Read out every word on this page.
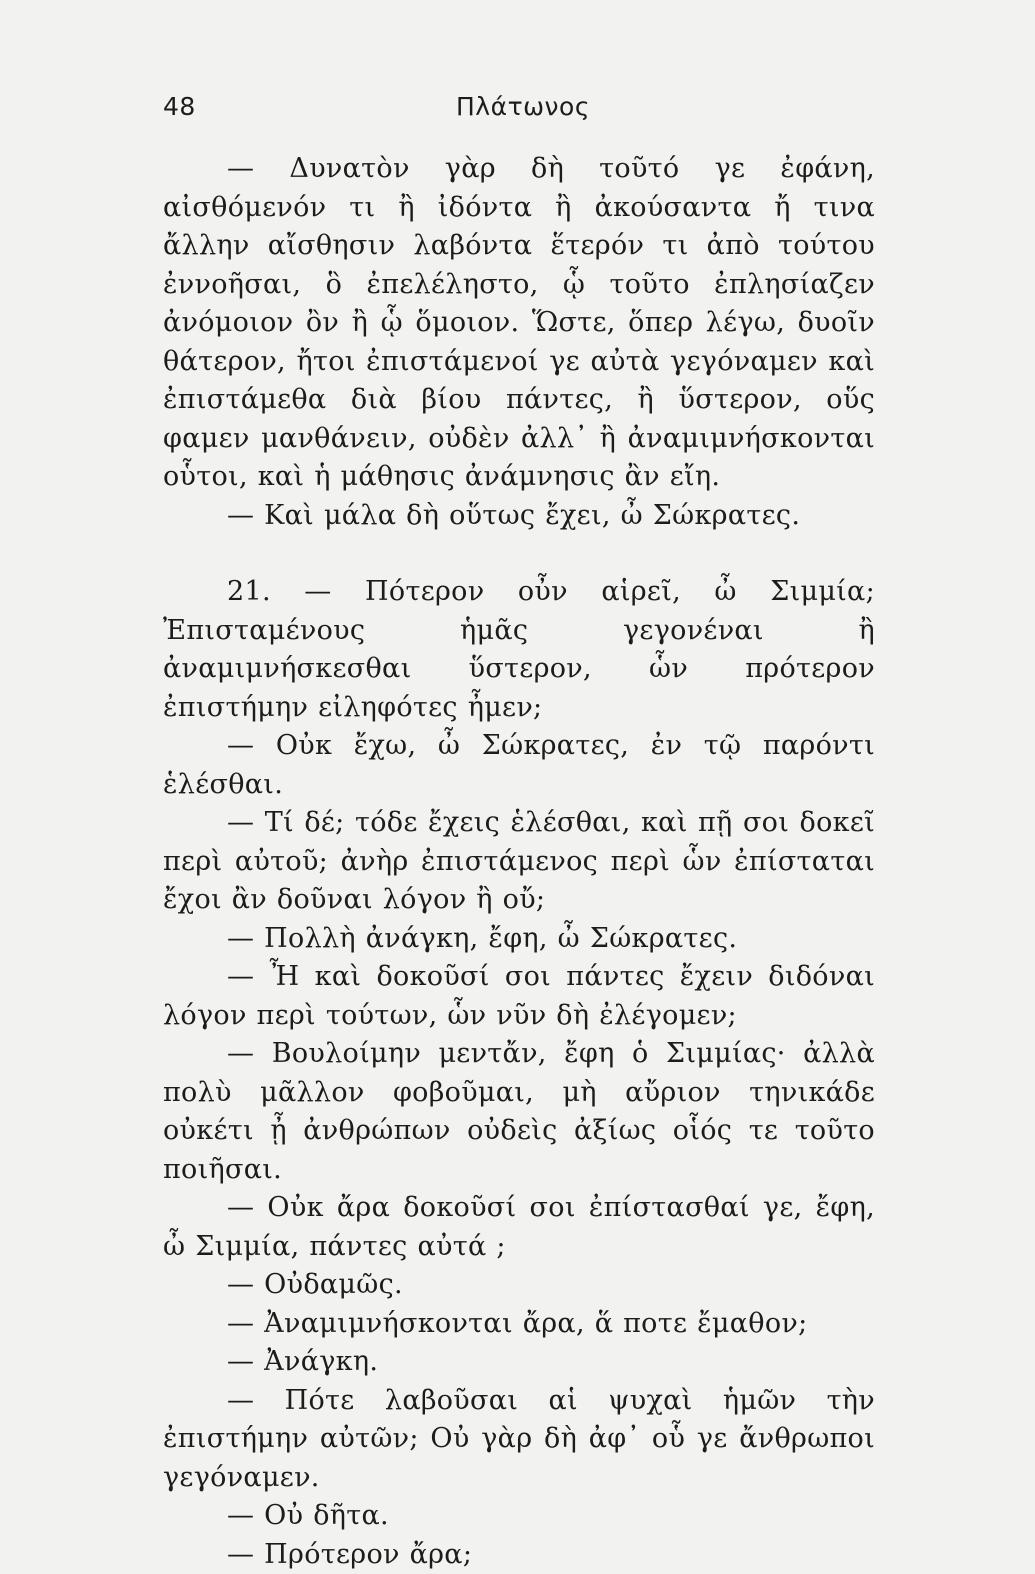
48	Πλάτωνος

— Δυνατὸν γὰρ δὴ τοῦτό γε ἐφάνη, αἰσθόμενόν τι ἢ ἰδόντα ἢ ἀκούσαντα ἤ τινα ἄλλην αἴσθησιν λαβόντα ἕτερόν τι ἀπὸ τούτου ἐννοῆσαι, ὃ ἐπελέληστο, ᾧ τοῦτο ἐπλησίαζεν ἀνόμοιον ὂν ἢ ᾧ ὅμοιον. Ὥστε, ὅπερ λέγω, δυοῖν θάτερον, ἤτοι ἐπιστάμενοί γε αὐτὰ γεγόναμεν καὶ ἐπιστάμεθα διὰ βίου πάντες, ἢ ὕστερον, οὕς φαμεν μανθάνειν, οὐδὲν ἀλλ᾽ ἢ ἀναμιμνήσκονται οὗτοι, καὶ ἡ μάθησις ἀνάμνησις ἂν εἴη.

— Καὶ μάλα δὴ οὕτως ἔχει, ὦ Σώκρατες.

21. — Πότερον οὖν αἱρεῖ, ὦ Σιμμία; Ἐπισταμένους ἡμᾶς γεγονέναι ἢ ἀναμιμνήσκεσθαι ὕστερον, ὧν πρότερον ἐπιστήμην εἰληφότες ἦμεν;

— Οὐκ ἔχω, ὦ Σώκρατες, ἐν τῷ παρόντι ἑλέσθαι.

— Τί δέ; τόδε ἔχεις ἑλέσθαι, καὶ πῇ σοι δοκεῖ περὶ αὐτοῦ; ἀνὴρ ἐπιστάμενος περὶ ὧν ἐπίσταται ἔχοι ἂν δοῦναι λόγον ἢ οὔ;

— Πολλὴ ἀνάγκη, ἔφη, ὦ Σώκρατες.

— Ἦ καὶ δοκοῦσί σοι πάντες ἔχειν διδόναι λόγον περὶ τούτων, ὧν νῦν δὴ ἐλέγομεν;

— Βουλοίμην μεντἄν, ἔφη ὁ Σιμμίας· ἀλλὰ πολὺ μᾶλλον φοβοῦμαι, μὴ αὔριον τηνικάδε οὐκέτι ᾖ ἀνθρώπων οὐδεὶς ἀξίως οἷός τε τοῦτο ποιῆσαι.

— Οὐκ ἄρα δοκοῦσί σοι ἐπίστασθαί γε, ἔφη, ὦ Σιμμία, πάντες αὐτά ;

— Οὐδαμῶς.

— Ἀναμιμνήσκονται ἄρα, ἅ ποτε ἔμαθον;

— Ἀνάγκη.

— Πότε λαβοῦσαι αἱ ψυχαὶ ἡμῶν τὴν ἐπιστήμην αὐτῶν; Οὐ γὰρ δὴ ἀφ᾽ οὗ γε ἄνθρωποι γεγόναμεν.

— Οὐ δῆτα.

— Πρότερον ἄρα;
